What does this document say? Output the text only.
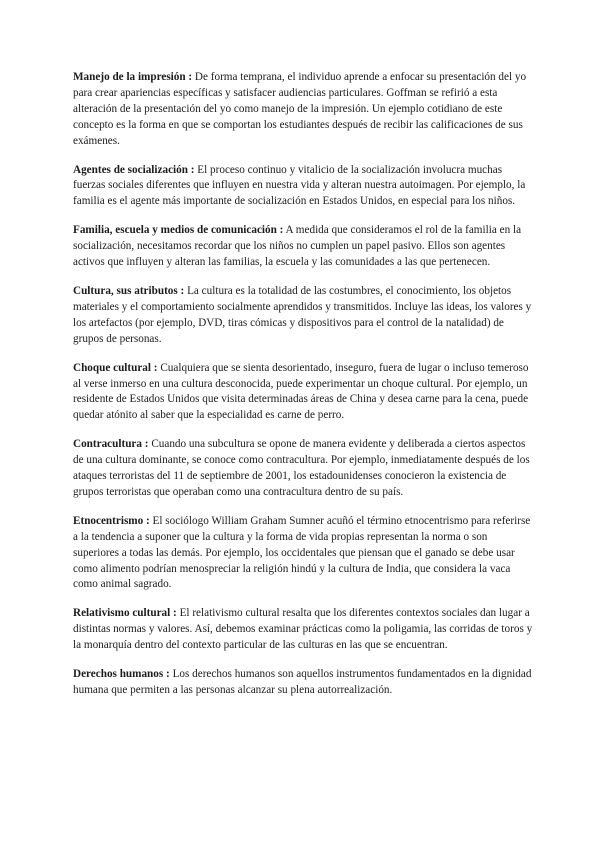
Manejo de la impresión : De forma temprana, el individuo aprende a enfocar su presentación del yo para crear apariencias específicas y satisfacer audiencias particulares. Goffman se refirió a esta alteración de la presentación del yo como manejo de la impresión. Un ejemplo cotidiano de este concepto es la forma en que se comportan los estudiantes después de recibir las calificaciones de sus exámenes.

Agentes de socialización : El proceso continuo y vitalicio de la socialización involucra muchas fuerzas sociales diferentes que influyen en nuestra vida y alteran nuestra autoimagen. Por ejemplo, la familia es el agente más importante de socialización en Estados Unidos, en especial para los niños.

Familia, escuela y medios de comunicación : A medida que consideramos el rol de la familia en la socialización, necesitamos recordar que los niños no cumplen un papel pasivo. Ellos son agentes activos que influyen y alteran las familias, la escuela y las comunidades a las que pertenecen.

Cultura, sus atributos : La cultura es la totalidad de las costumbres, el conocimiento, los objetos materiales y el comportamiento socialmente aprendidos y transmitidos. Incluye las ideas, los valores y los artefactos (por ejemplo, DVD, tiras cómicas y dispositivos para el control de la natalidad) de grupos de personas.

Choque cultural : Cualquiera que se sienta desorientado, inseguro, fuera de lugar o incluso temeroso al verse inmerso en una cultura desconocida, puede experimentar un choque cultural. Por ejemplo, un residente de Estados Unidos que visita determinadas áreas de China y desea carne para la cena, puede quedar atónito al saber que la especialidad es carne de perro.

Contracultura : Cuando una subcultura se opone de manera evidente y deliberada a ciertos aspectos de una cultura dominante, se conoce como contracultura. Por ejemplo, inmediatamente después de los ataques terroristas del 11 de septiembre de 2001, los estadounidenses conocieron la existencia de grupos terroristas que operaban como una contracultura dentro de su país.

Etnocentrismo : El sociólogo William Graham Sumner acuñó el término etnocentrismo para referirse a la tendencia a suponer que la cultura y la forma de vida propias representan la norma o son superiores a todas las demás. Por ejemplo, los occidentales que piensan que el ganado se debe usar como alimento podrían menospreciar la religión hindú y la cultura de India, que considera la vaca como animal sagrado.

Relativismo cultural : El relativismo cultural resalta que los diferentes contextos sociales dan lugar a distintas normas y valores. Así, debemos examinar prácticas como la poligamia, las corridas de toros y la monarquía dentro del contexto particular de las culturas en las que se encuentran.

Derechos humanos : Los derechos humanos son aquellos instrumentos fundamentados en la dignidad humana que permiten a las personas alcanzar su plena autorrealización.
